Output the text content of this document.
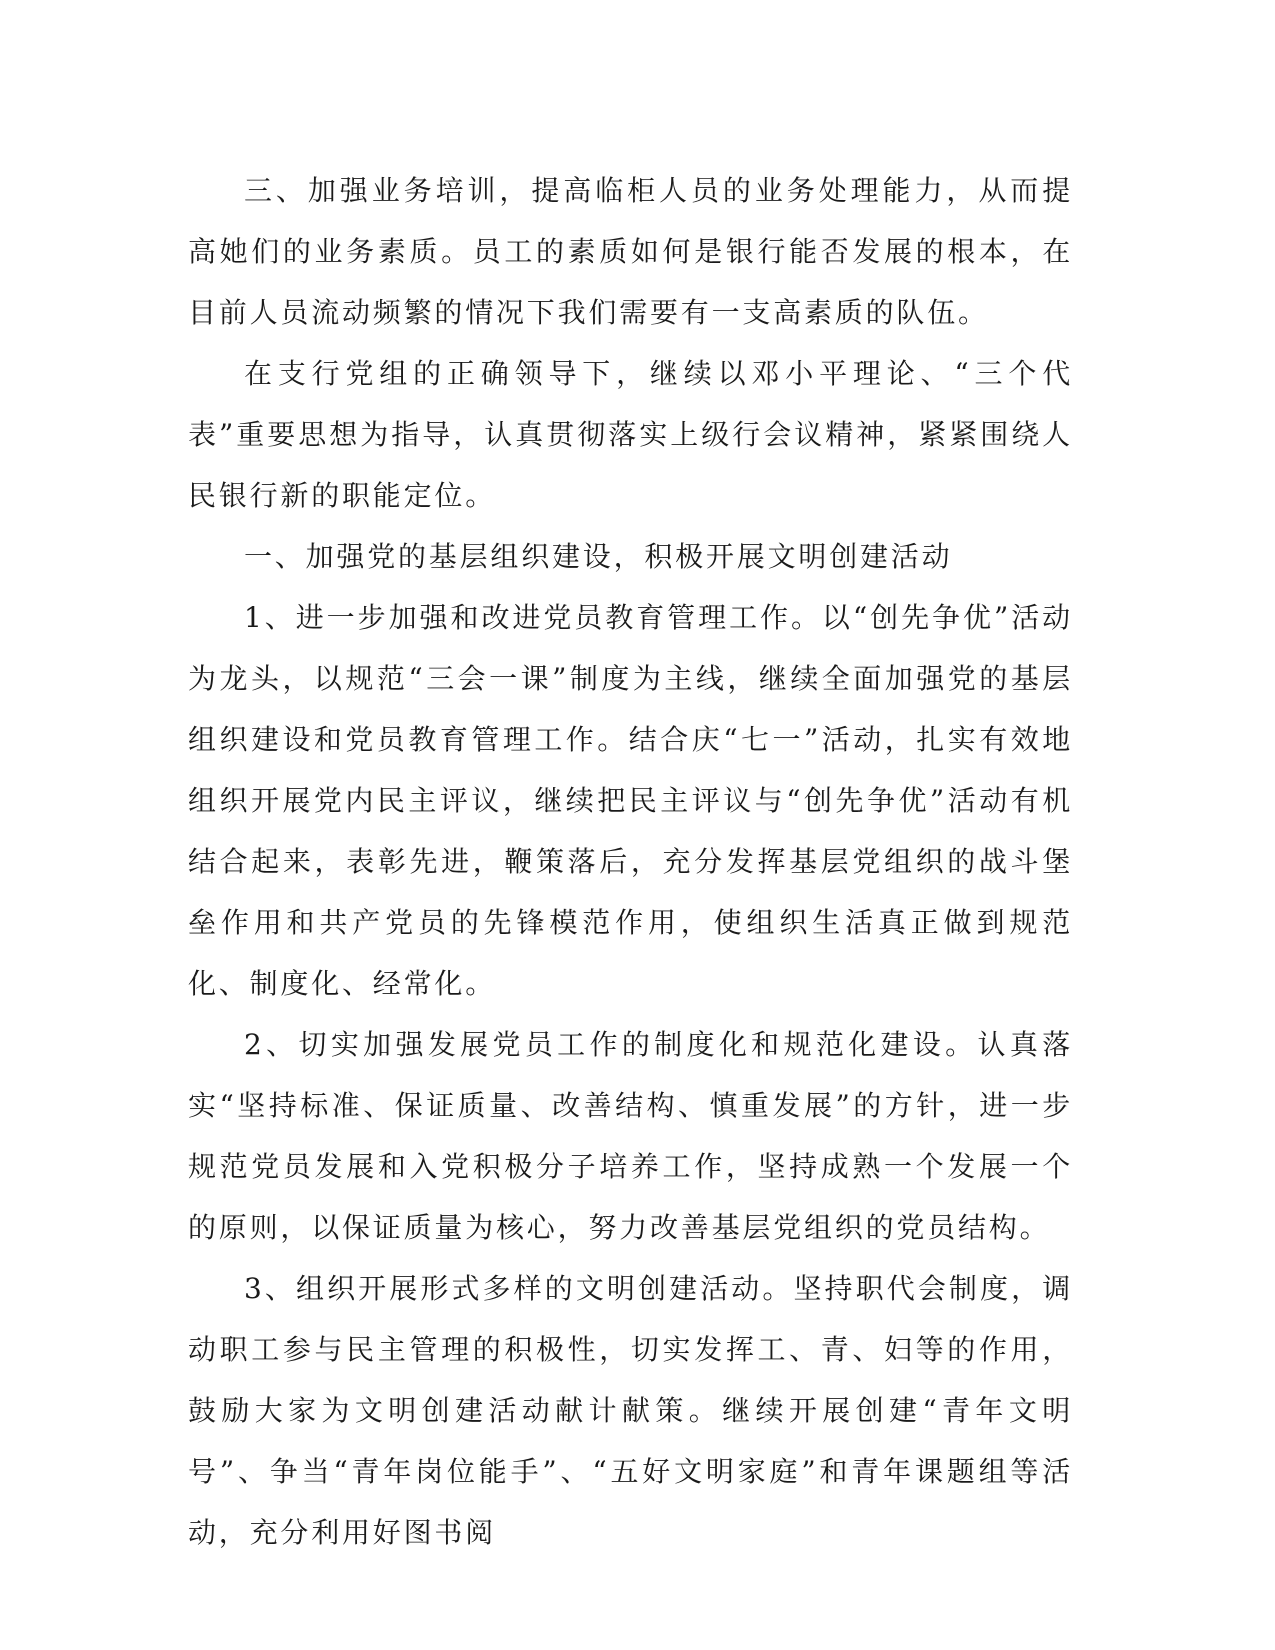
三、加强业务培训，提高临柜人员的业务处理能力，从而提高她们的业务素质。员工的素质如何是银行能否发展的根本，在目前人员流动频繁的情况下我们需要有一支高素质的队伍。

在支行党组的正确领导下，继续以邓小平理论、“三个代表”重要思想为指导，认真贯彻落实上级行会议精神，紧紧围绕人民银行新的职能定位。

一、加强党的基层组织建设，积极开展文明创建活动

1、进一步加强和改进党员教育管理工作。以“创先争优”活动为龙头，以规范“三会一课”制度为主线，继续全面加强党的基层组织建设和党员教育管理工作。结合庆“七一”活动，扎实有效地组织开展党内民主评议，继续把民主评议与“创先争优”活动有机结合起来，表彰先进，鞭策落后，充分发挥基层党组织的战斗堡垒作用和共产党员的先锋模范作用，使组织生活真正做到规范化、制度化、经常化。

2、切实加强发展党员工作的制度化和规范化建设。认真落实“坚持标准、保证质量、改善结构、慎重发展”的方针，进一步规范党员发展和入党积极分子培养工作，坚持成熟一个发展一个的原则，以保证质量为核心，努力改善基层党组织的党员结构。

3、组织开展形式多样的文明创建活动。坚持职代会制度，调动职工参与民主管理的积极性，切实发挥工、青、妇等的作用，鼓励大家为文明创建活动献计献策。继续开展创建“青年文明号”、争当“青年岗位能手”、“五好文明家庭”和青年课题组等活动，充分利用好图书阅
